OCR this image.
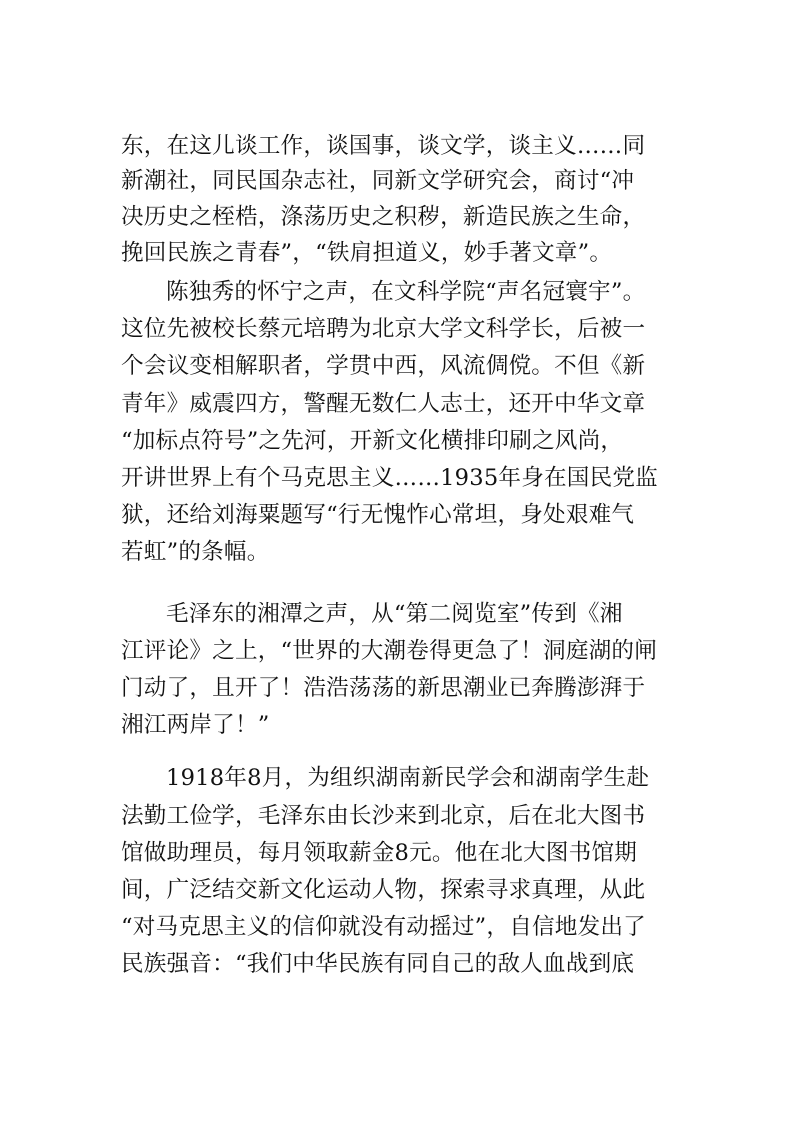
东，在这儿谈工作，谈国事，谈文学，谈主义……同
新潮社，同民国杂志社，同新文学研究会，商讨“冲
决历史之桎梏，涤荡历史之积秽，新造民族之生命，
挽回民族之青春”，“铁肩担道义，妙手著文章”。
陈独秀的怀宁之声，在文科学院“声名冠寰宇”。
这位先被校长蔡元培聘为北京大学文科学长，后被一
个会议变相解职者，学贯中西，风流倜傥。不但《新
青年》威震四方，警醒无数仁人志士，还开中华文章
“加标点符号”之先河，开新文化横排印刷之风尚，
开讲世界上有个马克思主义……1935年身在国民党监
狱，还给刘海粟题写“行无愧怍心常坦，身处艰难气
若虹”的条幅。
毛泽东的湘潭之声，从“第二阅览室”传到《湘
江评论》之上，“世界的大潮卷得更急了！洞庭湖的闸
门动了，且开了！浩浩荡荡的新思潮业已奔腾澎湃于
湘江两岸了！”
1918年8月，为组织湖南新民学会和湖南学生赴
法勤工俭学，毛泽东由长沙来到北京，后在北大图书
馆做助理员，每月领取薪金8元。他在北大图书馆期
间，广泛结交新文化运动人物，探索寻求真理，从此
“对马克思主义的信仰就没有动摇过”，自信地发出了
民族强音：“我们中华民族有同自己的敌人血战到底
